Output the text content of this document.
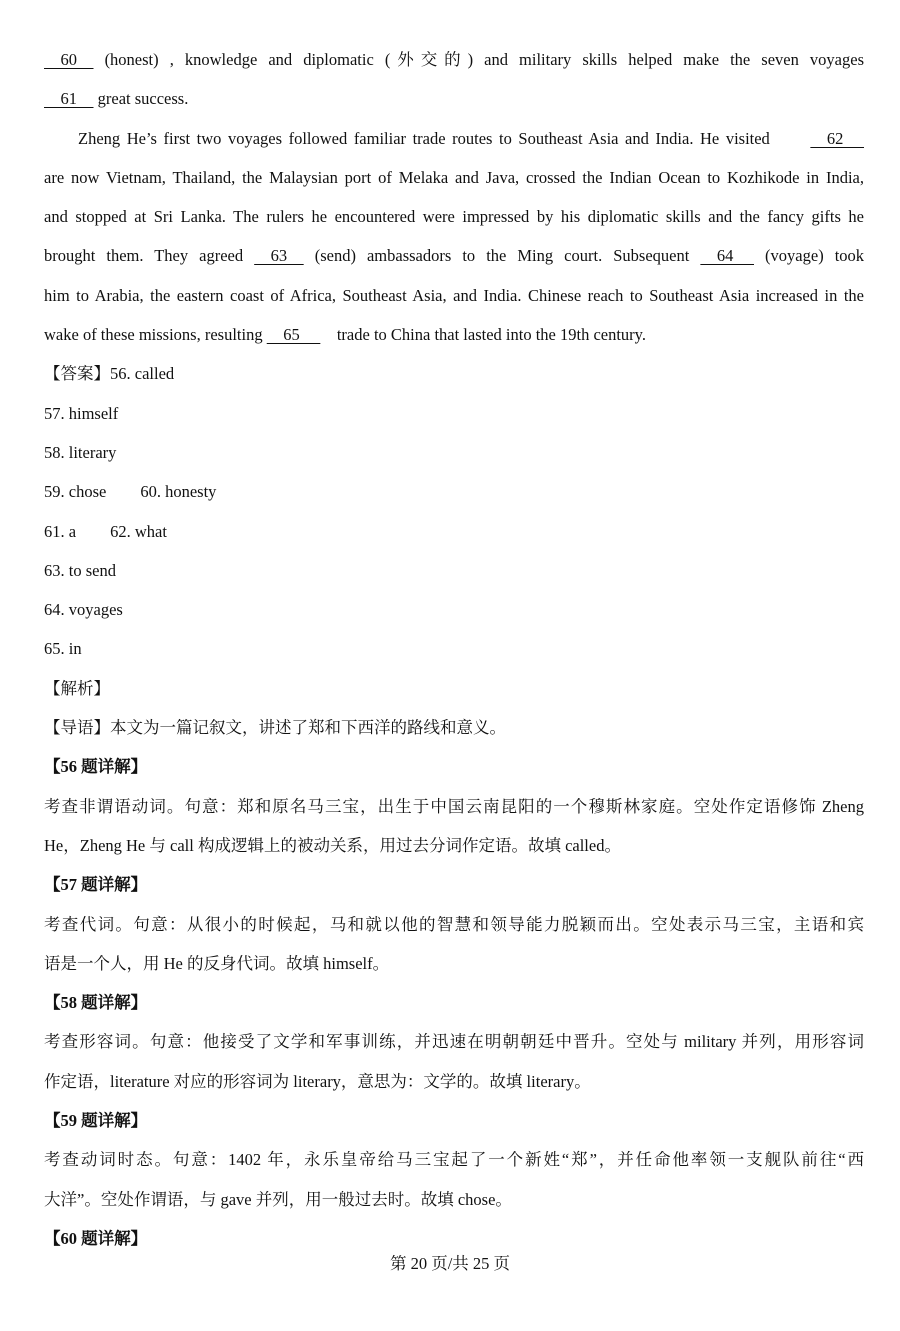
60     (honest) , knowledge and diplomatic (外交的) and military skills helped make the seven voyages
61     great success.
Zheng He’s first two voyages followed familiar trade routes to Southeast Asia and India. He visited     62
are now Vietnam, Thailand, the Malaysian port of Melaka and Java, crossed the Indian Ocean to Kozhikode in India,
and stopped at Sri Lanka. The rulers he encountered were impressed by his diplomatic skills and the fancy gifts he
brought them. They agreed     63     (send) ambassadors to the Ming court. Subsequent     64      (voyage) took
him to Arabia, the eastern coast of Africa, Southeast Asia, and India. Chinese reach to Southeast Asia increased in the
wake of these missions, resulting     65         trade to China that lasted into the 19th century.
【答案】56. called
57. himself
58. literary
59. chose 60. honesty
61. a 62. what
63. to send
64. voyages
65. in
【解析】
【导语】本文为一篇记叙文，讲述了郑和下西洋的路线和意义。
【56 题详解】
考查非谓语动词。句意：郑和原名马三宝，出生于中国云南昆阳的一个穆斯林家庭。空处作定语修饰 Zheng
He，Zheng He 与 call 构成逻辑上的被动关系，用过去分词作定语。故填 called。
【57 题详解】
考查代词。句意：从很小的时候起，马和就以他的智慧和领导能力脱颖而出。空处表示马三宝，主语和宾
语是一个人，用 He 的反身代词。故填 himself。
【58 题详解】
考查形容词。句意：他接受了文学和军事训练，并迅速在明朝朝廷中晋升。空处与 military 并列，用形容词
作定语，literature 对应的形容词为 literary，意思为：文学的。故填 literary。
【59 题详解】
考查动词时态。句意：1402 年，永乐皇帝给马三宝起了一个新姓“郑”，并任命他率领一支舰队前往“西
大洋”。空处作谓语，与 gave 并列，用一般过去时。故填 chose。
【60 题详解】
第 20 页/共 25 页
